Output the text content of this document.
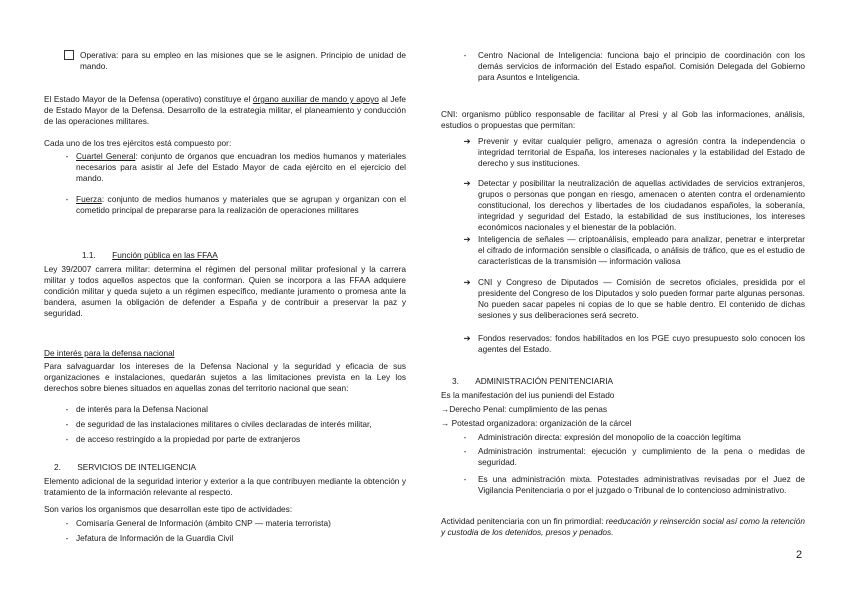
Operativa: para su empleo en las misiones que se le asignen. Principio de unidad de mando.

El Estado Mayor de la Defensa (operativo) constituye el órgano auxiliar de mando y apoyo al Jefe de Estado Mayor de la Defensa. Desarrollo de la estrategia militar, el planeamiento y conducción de las operaciones militares.

Cada uno de los tres ejércitos está compuesto por:

- Cuartel General: conjunto de órganos que encuadran los medios humanos y materiales necesarios para asistir al Jefe del Estado Mayor de cada ejército en el ejercicio del mando.
- Fuerza: conjunto de medios humanos y materiales que se agrupan y organizan con el cometido principal de prepararse para la realización de operaciones militares
1.1. Función pública en las FFAA

Ley 39/2007 carrera militar: determina el régimen del personal militar profesional y la carrera militar y todos aquellos aspectos que la conforman. Quien se incorpora a las FFAA adquiere condición militar y queda sujeto a un régimen específico, mediante juramento o promesa ante la bandera, asumen la obligación de defender a España y de contribuir a preservar la paz y seguridad.

De interés para la defensa nacional

Para salvaguardar los intereses de la Defensa Nacional y la seguridad y eficacia de sus organizaciones e instalaciones, quedarán sujetos a las limitaciones prevista en la Ley los derechos sobre bienes situados en aquellas zonas del territorio nacional que sean:

- de interés para la Defensa Nacional
- de seguridad de las instalaciones militares o civiles declaradas de interés militar,
- de acceso restringido a la propiedad por parte de extranjeros
2. SERVICIOS DE INTELIGENCIA

Elemento adicional de la seguridad interior y exterior a la que contribuyen mediante la obtención y tratamiento de la información relevante al respecto.

Son varios los organismos que desarrollan este tipo de actividades:

- Comisaría General de Información (ámbito CNP — materia terrorista)
- Jefatura de Información de la Guardia Civil
-	Centro Nacional de Inteligencia: funciona bajo el principio de coordinación con los demás servicios de información del Estado español. Comisión Delegada del Gobierno para Asuntos e Inteligencia.

CNI: organismo público responsable de facilitar al Presi y al Gob las informaciones, análisis, estudios o propuestas que permitan:

➔ Prevenir y evitar cualquier peligro, amenaza o agresión contra la independencia o integridad territorial de España, los intereses nacionales y la estabilidad del Estado de derecho y sus instituciones.
➔ Detectar y posibilitar la neutralización de aquellas actividades de servicios extranjeros, grupos o personas que pongan en riesgo, amenacen o atenten contra el ordenamiento constitucional, los derechos y libertades de los ciudadanos españoles, la soberanía, integridad y seguridad del Estado, la estabilidad de sus instituciones, los intereses económicos nacionales y el bienestar de la población.
➔ Inteligencia de señales — criptoanálisis, empleado para analizar, penetrar e interpretar el cifrado de información sensible o clasificada, o análisis de tráfico, que es el estudio de características de la transmisión — información valiosa
➔ CNI y Congreso de Diputados — Comisión de secretos oficiales, presidida por el presidente del Congreso de los Diputados y solo pueden formar parte algunas personas. No pueden sacar papeles ni copias de lo que se hable dentro. El contenido de dichas sesiones y sus deliberaciones será secreto.
➔ Fondos reservados: fondos habilitados en los PGE cuyo presupuesto solo conocen los agentes del Estado.
3. ADMINISTRACIÓN PENITENCIARIA

Es la manifestación del ius puniendi del Estado

→Derecho Penal: cumplimiento de las penas

→ Potestad organizadora: organización de la cárcel

-	Administración directa: expresión del monopolio de la coacción legítima
-	Administración instrumental: ejecución y cumplimiento de la pena o medidas de seguridad.
-	Es una administración mixta. Potestades administrativas revisadas por el Juez de Vigilancia Penitenciaria o por el juzgado o Tribunal de lo contencioso administrativo.

Actividad penitenciaria con un fin primordial: reeducación y reinserción social así como la retención y custodia de los detenidos, presos y penados.

2
